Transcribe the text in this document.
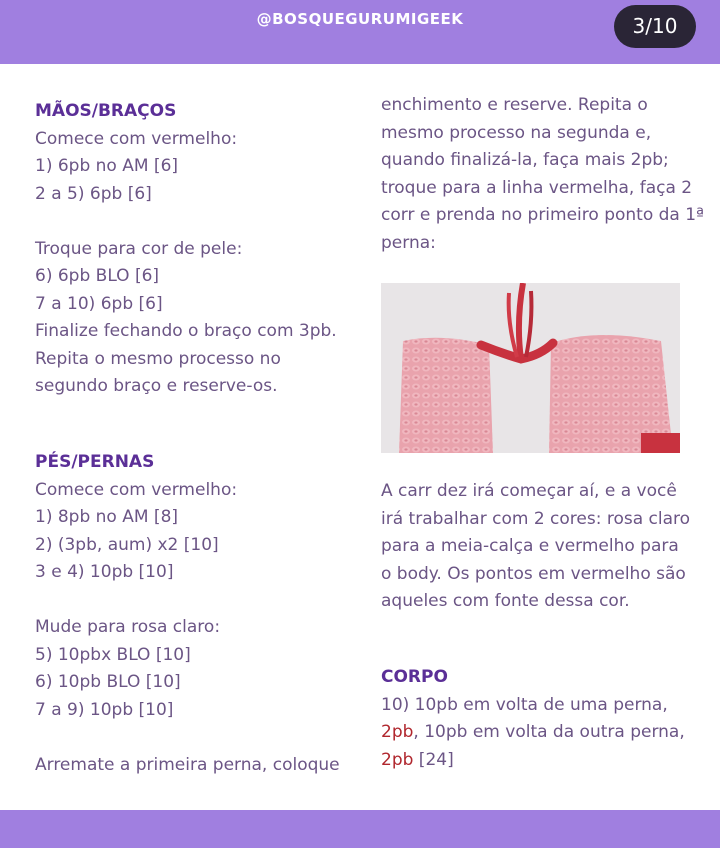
@BOSQUEGURUMIGEEK	3/10

MÃOS/BRAÇOS

Comece com vermelho:

1) 6pb no AM [6]

2 a 5) 6pb [6]

Troque para cor de pele:

6) 6pb BLO [6]

7 a 10) 6pb [6]

Finalize fechando o braço com 3pb.

Repita o mesmo processo no

segundo braço e reserve-os.

PÉS/PERNAS

Comece com vermelho:

1) 8pb no AM [8]

2) (3pb, aum) x2 [10]

3 e 4) 10pb [10]

Mude para rosa claro:

5) 10pbx BLO [10]

6) 10pb BLO [10]

7 a 9) 10pb [10]

Arremate a primeira perna, coloque

enchimento e reserve. Repita o

mesmo processo na segunda e,

quando finalizá-la, faça mais 2pb;

troque para a linha vermelha, faça 2

corr e prenda no primeiro ponto da 1ª

perna:

A carr dez irá começar aí, e a você

irá trabalhar com 2 cores: rosa claro

para a meia-calça e vermelho para

o body. Os pontos em vermelho são

aqueles com fonte dessa cor.

CORPO

10) 10pb em volta de uma perna,

2pb, 10pb em volta da outra perna,

2pb [24]
